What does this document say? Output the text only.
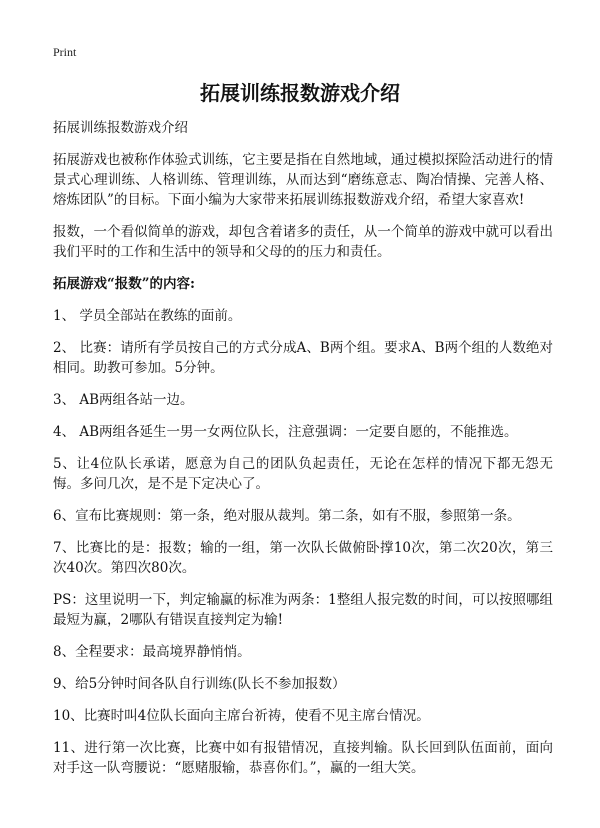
Print
拓展训练报数游戏介绍

拓展训练报数游戏介绍

拓展游戏也被称作体验式训练，它主要是指在自然地域，通过模拟探险活动进行的情景式心理训练、人格训练、管理训练，从而达到“磨练意志、陶冶情操、完善人格、熔炼团队”的目标。下面小编为大家带来拓展训练报数游戏介绍，希望大家喜欢!

报数，一个看似简单的游戏，却包含着诸多的责任，从一个简单的游戏中就可以看出我们平时的工作和生活中的领导和父母的的压力和责任。

拓展游戏“报数”的内容:

1、 学员全部站在教练的面前。

2、 比赛：请所有学员按自己的方式分成A、B两个组。要求A、B两个组的人数绝对相同。助教可参加。5分钟。

3、 AB两组各站一边。

4、 AB两组各延生一男一女两位队长，注意强调：一定要自愿的，不能推选。

5、让4位队长承诺，愿意为自己的团队负起责任，无论在怎样的情况下都无怨无悔。多问几次，是不是下定决心了。

6、宣布比赛规则：第一条，绝对服从裁判。第二条，如有不服，参照第一条。

7、比赛比的是：报数；输的一组，第一次队长做俯卧撑10次，第二次20次，第三次40次。第四次80次。

PS：这里说明一下，判定输赢的标准为两条：1整组人报完数的时间，可以按照哪组最短为赢，2哪队有错误直接判定为输!

8、全程要求：最高境界静悄悄。

9、给5分钟时间各队自行训练(队长不参加报数）

10、比赛时叫4位队长面向主席台祈祷，使看不见主席台情况。

11、进行第一次比赛，比赛中如有报错情况，直接判输。队长回到队伍面前，面向对手这一队弯腰说：“愿赌服输，恭喜你们。”，赢的一组大笑。
